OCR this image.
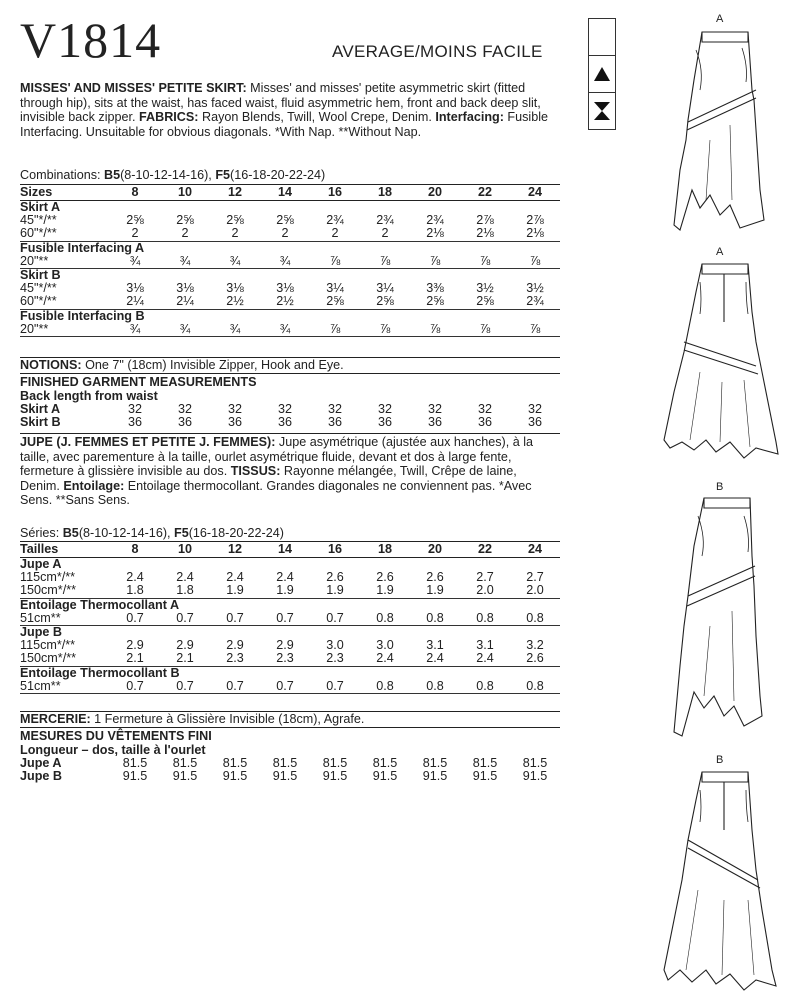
V1814	AVERAGE/MOINS FACILE
MISSES' AND MISSES' PETITE SKIRT: Misses' and misses' petite asymmetric skirt (fitted through hip), sits at the waist, has faced waist, fluid asymmetric hem, front and back deep slit, invisible back zipper. FABRICS: Rayon Blends, Twill, Wool Crepe, Denim. Interfacing: Fusible Interfacing. Unsuitable for obvious diagonals. *With Nap. **Without Nap.
Combinations: B5(8-10-12-14-16), F5(16-18-20-22-24)
Sizes	8	10	12	14	16	18	20	22	24
Skirt A									
45"*/**	2⅝	2⅝	2⅝	2⅝	2¾	2¾	2¾	2⅞	2⅞
60"*/**	2	2	2	2	2	2	2⅛	2⅛	2⅛
Fusible Interfacing A									
20"**	¾	¾	¾	¾	⅞	⅞	⅞	⅞	⅞
Skirt B									
45"*/**	3⅛	3⅛	3⅛	3⅛	3¼	3¼	3⅜	3½	3½
60"*/**	2¼	2¼	2½	2½	2⅝	2⅝	2⅝	2⅝	2¾
Fusible Interfacing B									
20"**	¾	¾	¾	¾	⅞	⅞	⅞	⅞	⅞
NOTIONS: One 7" (18cm) Invisible Zipper, Hook and Eye.
FINISHED GARMENT MEASUREMENTS
Back length from waist
Skirt A	32	32	32	32	32	32	32	32	32
Skirt B	36	36	36	36	36	36	36	36	36
JUPE (J. FEMMES ET PETITE J. FEMMES): Jupe asymétrique (ajustée aux hanches), à la taille, avec parementure à la taille, ourlet asymétrique fluide, devant et dos à large fente, fermeture à glissière invisible au dos. TISSUS: Rayonne mélangée, Twill, Crêpe de laine, Denim. Entoilage: Entoilage thermocollant. Grandes diagonales ne conviennent pas. *Avec Sens. **Sans Sens.
Séries: B5(8-10-12-14-16), F5(16-18-20-22-24)
Tailles	8	10	12	14	16	18	20	22	24
Jupe A									
115cm*/**	2.4	2.4	2.4	2.4	2.6	2.6	2.6	2.7	2.7
150cm*/**	1.8	1.8	1.9	1.9	1.9	1.9	1.9	2.0	2.0
Entoilage Thermocollant A									
51cm**	0.7	0.7	0.7	0.7	0.7	0.8	0.8	0.8	0.8
Jupe B									
115cm*/**	2.9	2.9	2.9	2.9	3.0	3.0	3.1	3.1	3.2
150cm*/**	2.1	2.1	2.3	2.3	2.3	2.4	2.4	2.4	2.6
Entoilage Thermocollant B									
51cm**	0.7	0.7	0.7	0.7	0.7	0.8	0.8	0.8	0.8
MERCERIE: 1 Fermeture à Glissière Invisible (18cm), Agrafe.
MESURES DU VÊTEMENTS FINI
Longueur – dos, taille à l'ourlet
Jupe A	81.5	81.5	81.5	81.5	81.5	81.5	81.5	81.5	81.5
Jupe B	91.5	91.5	91.5	91.5	91.5	91.5	91.5	91.5	91.5
A
A
B
B
